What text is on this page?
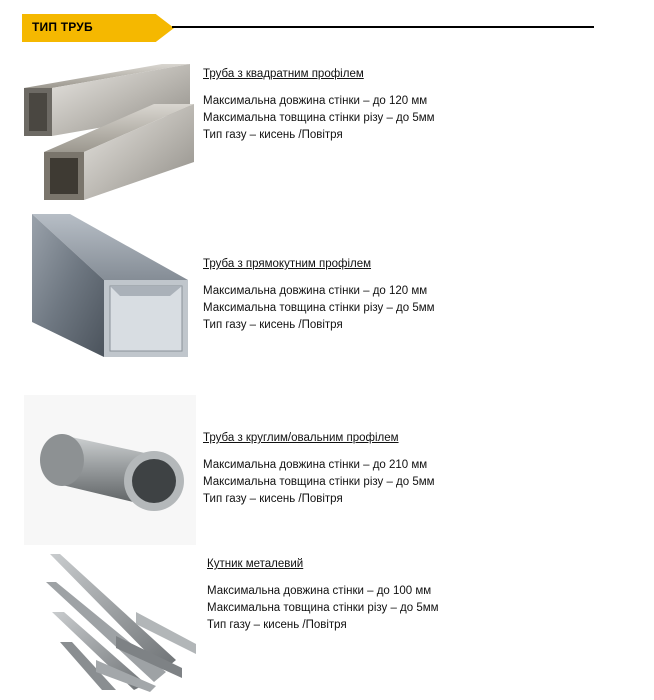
ТИП ТРУБ
Труба з квадратним профілем
Максимальна довжина стінки – до 120 мм
Максимальна товщина стінки різу – до 5мм
Тип газу – кисень /Повітря
Труба з прямокутним профілем
Максимальна довжина стінки – до 120 мм
Максимальна товщина стінки різу – до 5мм
Тип газу – кисень /Повітря
Труба з круглим/овальним профілем
Максимальна довжина стінки – до 210 мм
Максимальна товщина стінки різу – до 5мм
Тип газу – кисень /Повітря
Кутник металевий
Максимальна довжина стінки – до 100 мм
Максимальна товщина стінки різу – до 5мм
Тип газу – кисень /Повітря
